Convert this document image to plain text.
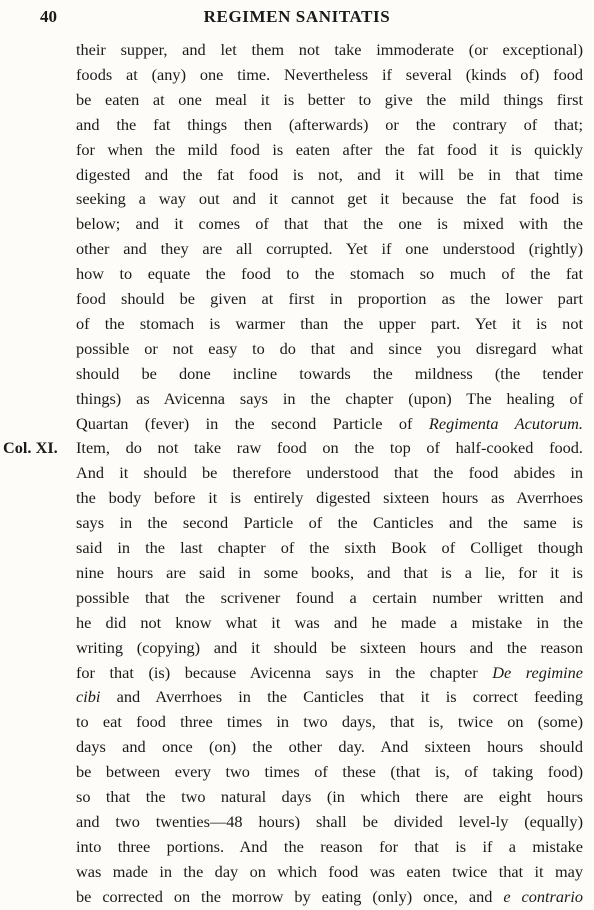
40	REGIMEN SANITATIS
their supper, and let them not take immoderate (or exceptional)
foods at (any) one time. Nevertheless if several (kinds of) food
be eaten at one meal it is better to give the mild things first
and the fat things then (afterwards) or the contrary of that;
for when the mild food is eaten after the fat food it is quickly
digested and the fat food is not, and it will be in that time
seeking a way out and it cannot get it because the fat food is
below; and it comes of that that the one is mixed with the
other and they are all corrupted. Yet if one understood (rightly)
how to equate the food to the stomach so much of the fat
food should be given at first in proportion as the lower part
of the stomach is warmer than the upper part. Yet it is not
possible or not easy to do that and since you disregard what
should be done incline towards the mildness (the tender
things) as Avicenna says in the chapter (upon) The healing of
Quartan (fever) in the second Particle of Regimenta Acutorum.
Col. XI.	Item, do not take raw food on the top of half-cooked food.
And it should be therefore understood that the food abides in
the body before it is entirely digested sixteen hours as Averrhoes
says in the second Particle of the Canticles and the same is
said in the last chapter of the sixth Book of Colliget though
nine hours are said in some books, and that is a lie, for it is
possible that the scrivener found a certain number written and
he did not know what it was and he made a mistake in the
writing (copying) and it should be sixteen hours and the reason
for that (is) because Avicenna says in the chapter De regimine
cibi and Averrhoes in the Canticles that it is correct feeding
to eat food three times in two days, that is, twice on (some)
days and once (on) the other day. And sixteen hours should
be between every two times of these (that is, of taking food)
so that the two natural days (in which there are eight hours
and two twenties—48 hours) shall be divided level-ly (equally)
into three portions. And the reason for that is if a mistake
was made in the day on which food was eaten twice that it may
be corrected on the morrow by eating (only) once, and e contrario
